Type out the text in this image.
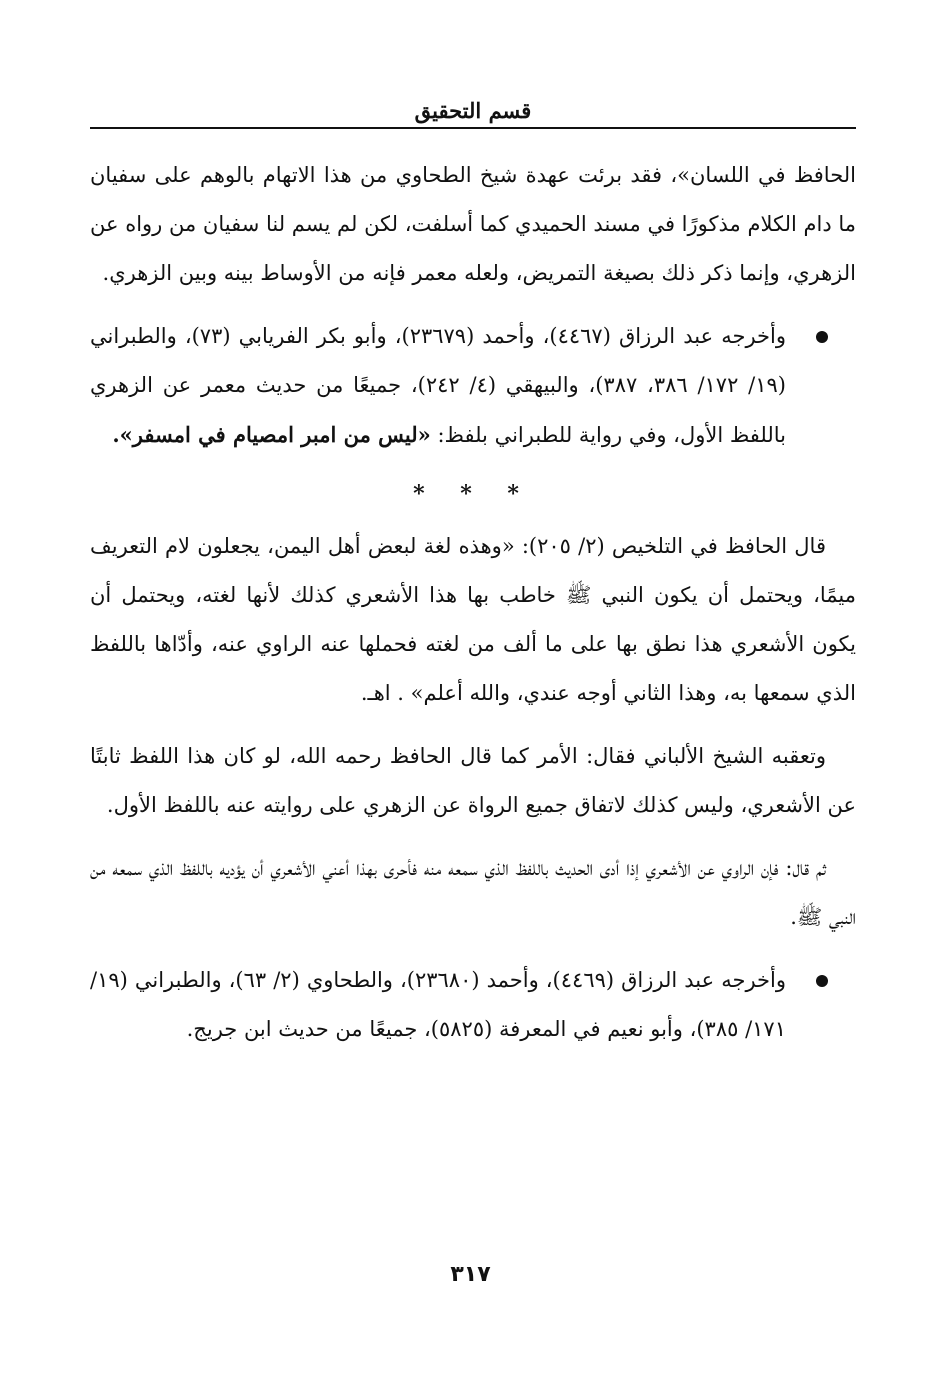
قسم التحقيق

الحافظ في اللسان»، فقد برئت عهدة شيخ الطحاوي من هذا الاتهام بالوهم على سفيان ما دام الكلام مذكورًا في مسند الحميدي كما أسلفت، لكن لم يسم لنا سفيان من رواه عن الزهري، وإنما ذكر ذلك بصيغة التمريض، ولعله معمر فإنه من الأوساط بينه وبين الزهري.

وأخرجه عبد الرزاق (٤٤٦٧)، وأحمد (٢٣٦٧٩)، وأبو بكر الفريابي (٧٣)، والطبراني (١٩/ ١٧٢/ ٣٨٦، ٣٨٧)، والبيهقي (٤/ ٢٤٢)، جميعًا من حديث معمر عن الزهري باللفظ الأول، وفي رواية للطبراني بلفظ: «ليس من امبر امصيام في امسفر».

* * *

قال الحافظ في التلخيص (٢/ ٢٠٥): «وهذه لغة لبعض أهل اليمن، يجعلون لام التعريف ميمًا، ويحتمل أن يكون النبي ﷺ خاطب بها هذا الأشعري كذلك لأنها لغته، ويحتمل أن يكون الأشعري هذا نطق بها على ما ألف من لغته فحملها عنه الراوي عنه، وأدّاها باللفظ الذي سمعها به، وهذا الثاني أوجه عندي، والله أعلم» . اهـ.

وتعقبه الشيخ الألباني فقال: الأمر كما قال الحافظ رحمه الله، لو كان هذا اللفظ ثابتًا عن الأشعري، وليس كذلك لاتفاق جميع الرواة عن الزهري على روايته عنه باللفظ الأول.

ثم قال: فإن الراوي عن الأشعري إذا أدى الحديث باللفظ الذي سمعه منه فأحرى بهذا أعني الأشعري أن يؤديه باللفظ الذي سمعه من النبي ﷺ.

وأخرجه عبد الرزاق (٤٤٦٩)، وأحمد (٢٣٦٨٠)، والطحاوي (٢/ ٦٣)، والطبراني (١٩/ ١٧١/ ٣٨٥)، وأبو نعيم في المعرفة (٥٨٢٥)، جميعًا من حديث ابن جريج.

٣١٧
